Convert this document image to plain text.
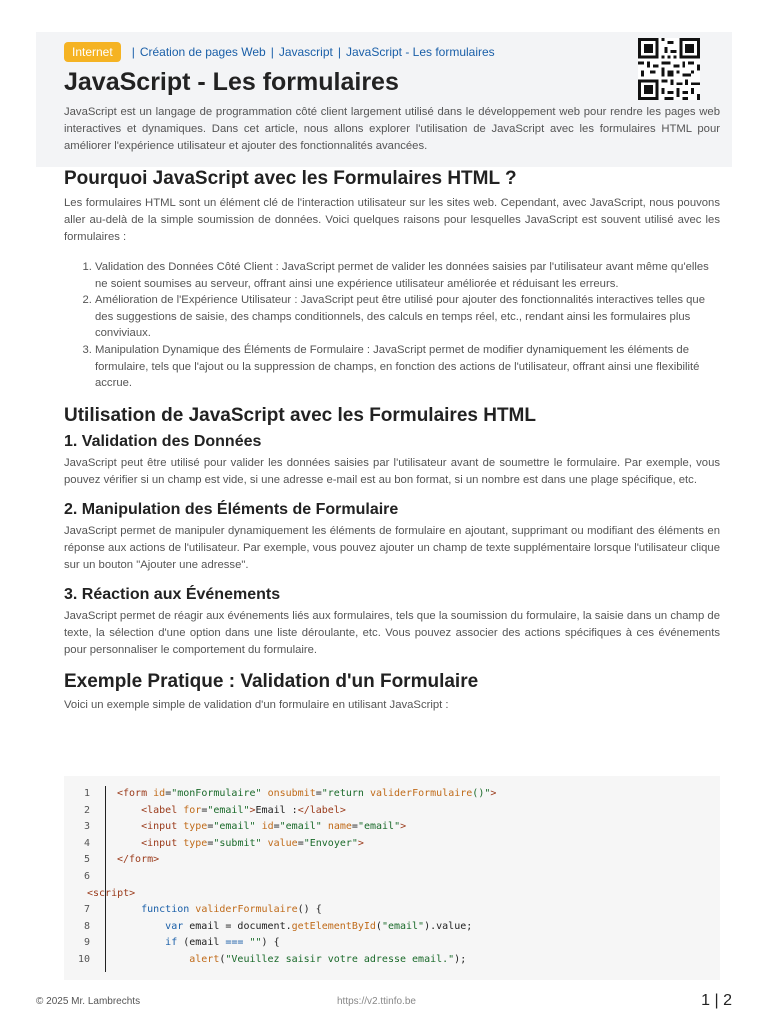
Internet	| Création de pages Web | Javascript | JavaScript - Les formulaires
JavaScript - Les formulaires

JavaScript est un langage de programmation côté client largement utilisé dans le développement web pour rendre les pages web interactives et dynamiques. Dans cet article, nous allons explorer l'utilisation de JavaScript avec les formulaires HTML pour améliorer l'expérience utilisateur et ajouter des fonctionnalités avancées.

Pourquoi JavaScript avec les Formulaires HTML ?

Les formulaires HTML sont un élément clé de l'interaction utilisateur sur les sites web. Cependant, avec JavaScript, nous pouvons aller au-delà de la simple soumission de données. Voici quelques raisons pour lesquelles JavaScript est souvent utilisé avec les formulaires :

1. Validation des Données Côté Client : JavaScript permet de valider les données saisies par l'utilisateur avant même qu'elles ne soient soumises au serveur, offrant ainsi une expérience utilisateur améliorée et réduisant les erreurs.
2. Amélioration de l'Expérience Utilisateur : JavaScript peut être utilisé pour ajouter des fonctionnalités interactives telles que des suggestions de saisie, des champs conditionnels, des calculs en temps réel, etc., rendant ainsi les formulaires plus conviviaux.
3. Manipulation Dynamique des Éléments de Formulaire : JavaScript permet de modifier dynamiquement les éléments de formulaire, tels que l'ajout ou la suppression de champs, en fonction des actions de l'utilisateur, offrant ainsi une flexibilité accrue.
Utilisation de JavaScript avec les Formulaires HTML
1. Validation des Données

JavaScript peut être utilisé pour valider les données saisies par l'utilisateur avant de soumettre le formulaire. Par exemple, vous pouvez vérifier si un champ est vide, si une adresse e-mail est au bon format, si un nombre est dans une plage spécifique, etc.

2. Manipulation des Éléments de Formulaire

JavaScript permet de manipuler dynamiquement les éléments de formulaire en ajoutant, supprimant ou modifiant des éléments en réponse aux actions de l'utilisateur. Par exemple, vous pouvez ajouter un champ de texte supplémentaire lorsque l'utilisateur clique sur un bouton "Ajouter une adresse".

3. Réaction aux Événements

JavaScript permet de réagir aux événements liés aux formulaires, tels que la soumission du formulaire, la saisie dans un champ de texte, la sélection d'une option dans une liste déroulante, etc. Vous pouvez associer des actions spécifiques à ces événements pour personnaliser le comportement du formulaire.

Exemple Pratique : Validation d'un Formulaire

Voici un exemple simple de validation d'un formulaire en utilisant JavaScript :

1	<form id="monFormulaire" onsubmit="return validerFormulaire()">
2	<label for="email">Email :</label>
3	<input type="email" id="email" name="email">
4	<input type="submit" value="Envoyer">
5	</form>
6

<script>
7	function validerFormulaire() {
8	var email = document.getElementById("email").value;
9	if (email === "") {
10	alert("Veuillez saisir votre adresse email.");
© 2025 Mr. Lambrechts	https://v2.ttinfo.be	1 | 2
